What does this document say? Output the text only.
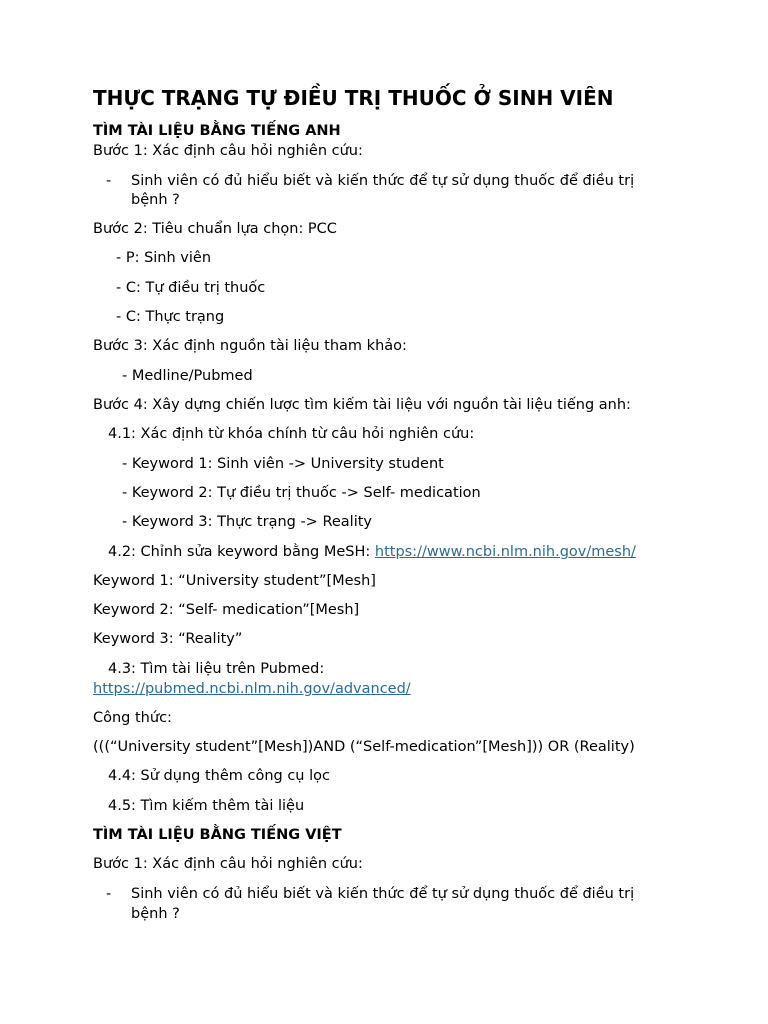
THỰC TRẠNG TỰ ĐIỀU TRỊ THUỐC Ở SINH VIÊN
TÌM TÀI LIỆU BẰNG TIẾNG ANH
Bước 1: Xác định câu hỏi nghiên cứu:
- Sinh viên có đủ hiểu biết và kiến thức để tự sử dụng thuốc để điều trị
bệnh ?
Bước 2: Tiêu chuẩn lựa chọn: PCC
- P: Sinh viên
- C: Tự điều trị thuốc
- C: Thực trạng
Bước 3: Xác định nguồn tài liệu tham khảo:
- Medline/Pubmed
Bước 4: Xây dựng chiến lược tìm kiếm tài liệu với nguồn tài liệu tiếng anh:
4.1: Xác định từ khóa chính từ câu hỏi nghiên cứu:
- Keyword 1: Sinh viên -> University student
- Keyword 2: Tự điều trị thuốc -> Self- medication
- Keyword 3: Thực trạng -> Reality
4.2: Chỉnh sửa keyword bằng MeSH: https://www.ncbi.nlm.nih.gov/mesh/
Keyword 1: “University student”[Mesh]
Keyword 2: “Self- medication”[Mesh]
Keyword 3: “Reality”
4.3: Tìm tài liệu trên Pubmed:
https://pubmed.ncbi.nlm.nih.gov/advanced/
Công thức:
(((“University student”[Mesh])AND (“Self-medication”[Mesh])) OR (Reality)
4.4: Sử dụng thêm công cụ lọc
4.5: Tìm kiếm thêm tài liệu
TÌM TÀI LIỆU BẰNG TIẾNG VIỆT
Bước 1: Xác định câu hỏi nghiên cứu:
- Sinh viên có đủ hiểu biết và kiến thức để tự sử dụng thuốc để điều trị
bệnh ?
